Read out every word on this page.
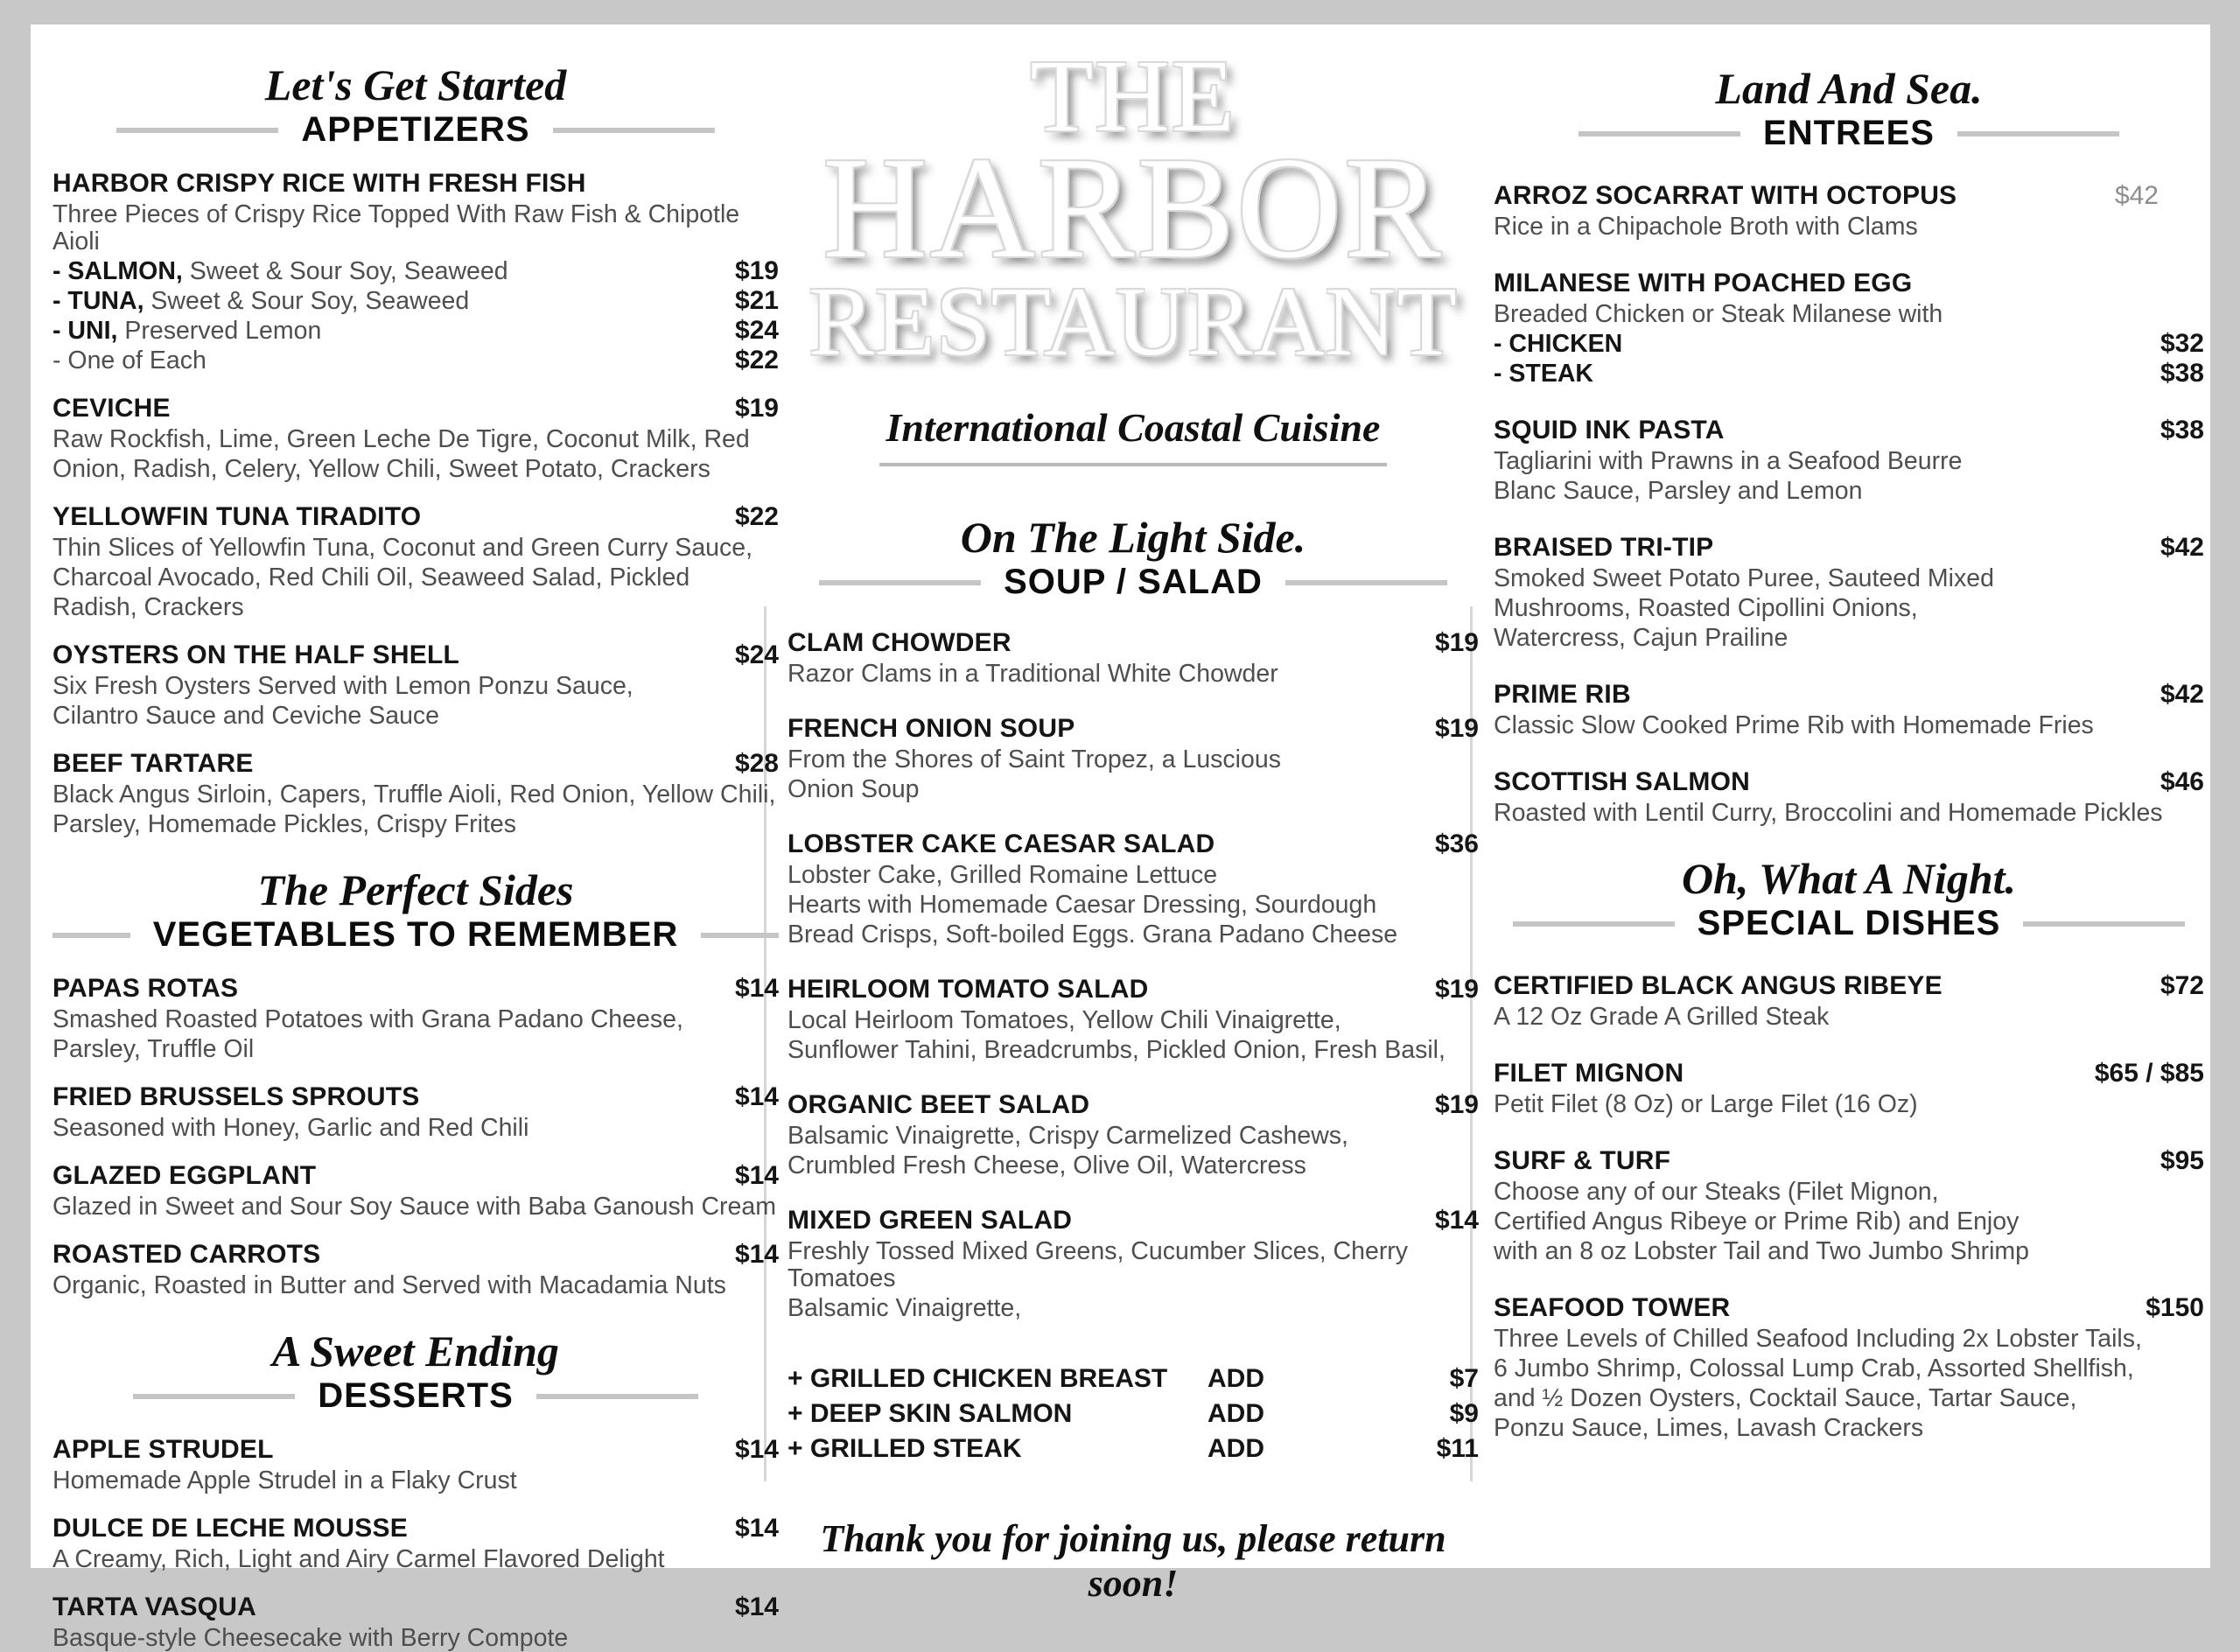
Let's Get Started
APPETIZERS
HARBOR CRISPY RICE WITH FRESH FISH
Three Pieces of Crispy Rice Topped With Raw Fish & Chipotle Aioli
- SALMON, Sweet & Sour Soy, Seaweed	$19
- TUNA, Sweet & Sour Soy, Seaweed	$21
- UNI, Preserved Lemon	$24
- One of Each	$22
CEVICHE	$19
Raw Rockfish, Lime, Green Leche De Tigre, Coconut Milk, Red
Onion, Radish, Celery, Yellow Chili, Sweet Potato, Crackers
YELLOWFIN TUNA TIRADITO	$22
Thin Slices of Yellowfin Tuna, Coconut and Green Curry Sauce,
Charcoal Avocado, Red Chili Oil, Seaweed Salad, Pickled
Radish, Crackers
OYSTERS ON THE HALF SHELL	$24
Six Fresh Oysters Served with Lemon Ponzu Sauce,
Cilantro Sauce and Ceviche Sauce
BEEF TARTARE	$28
Black Angus Sirloin, Capers, Truffle Aioli, Red Onion, Yellow Chili,
Parsley, Homemade Pickles, Crispy Frites
The Perfect Sides
VEGETABLES TO REMEMBER
PAPAS ROTAS	$14
Smashed Roasted Potatoes with Grana Padano Cheese,
Parsley, Truffle Oil
FRIED BRUSSELS SPROUTS	$14
Seasoned with Honey, Garlic and Red Chili
GLAZED EGGPLANT	$14
Glazed in Sweet and Sour Soy Sauce with Baba Ganoush Cream
ROASTED CARROTS	$14
Organic, Roasted in Butter and Served with Macadamia Nuts
A Sweet Ending
DESSERTS
APPLE STRUDEL	$14
Homemade Apple Strudel in a Flaky Crust
DULCE DE LECHE MOUSSE	$14
A Creamy, Rich, Light and Airy Carmel Flavored Delight
TARTA VASQUA	$14
Basque-style Cheesecake with Berry Compote
THE
HARBOR
RESTAURANT
International Coastal Cuisine
On The Light Side.
SOUP / SALAD
CLAM CHOWDER	$19
Razor Clams in a Traditional White Chowder
FRENCH ONION SOUP	$19
From the Shores of Saint Tropez, a Luscious
Onion Soup
LOBSTER CAKE CAESAR SALAD	$36
Lobster Cake, Grilled Romaine Lettuce
Hearts with Homemade Caesar Dressing, Sourdough
Bread Crisps, Soft-boiled Eggs. Grana Padano Cheese
HEIRLOOM TOMATO SALAD	$19
Local Heirloom Tomatoes, Yellow Chili Vinaigrette,
Sunflower Tahini, Breadcrumbs, Pickled Onion, Fresh Basil,
ORGANIC BEET SALAD	$19
Balsamic Vinaigrette, Crispy Carmelized Cashews,
Crumbled Fresh Cheese, Olive Oil, Watercress
MIXED GREEN SALAD	$14
Freshly Tossed Mixed Greens, Cucumber Slices, Cherry Tomatoes
Balsamic Vinaigrette,
+ GRILLED CHICKEN BREAST	ADD	$7
+ DEEP SKIN SALMON	ADD	$9
+ GRILLED STEAK	ADD	$11
Thank you for joining us, please return soon!
Land And Sea.
ENTREES
ARROZ SOCARRAT WITH OCTOPUS	$42
Rice in a Chipachole Broth with Clams
MILANESE WITH POACHED EGG
Breaded Chicken or Steak Milanese with
- CHICKEN	$32
- STEAK	$38
SQUID INK PASTA	$38
Tagliarini with Prawns in a Seafood Beurre
Blanc Sauce, Parsley and Lemon
BRAISED TRI-TIP	$42
Smoked Sweet Potato Puree, Sauteed Mixed
Mushrooms, Roasted Cipollini Onions,
Watercress, Cajun Prailine
PRIME RIB	$42
Classic Slow Cooked Prime Rib with Homemade Fries
SCOTTISH SALMON	$46
Roasted with Lentil Curry, Broccolini and Homemade Pickles
Oh, What A Night.
SPECIAL DISHES
CERTIFIED BLACK ANGUS RIBEYE	$72
A 12 Oz Grade A Grilled Steak
FILET MIGNON	$65 / $85
Petit Filet (8 Oz) or Large Filet (16 Oz)
SURF & TURF	$95
Choose any of our Steaks (Filet Mignon,
Certified Angus Ribeye or Prime Rib) and Enjoy
with an 8 oz Lobster Tail and Two Jumbo Shrimp
SEAFOOD TOWER	$150
Three Levels of Chilled Seafood Including 2x Lobster Tails,
6 Jumbo Shrimp, Colossal Lump Crab, Assorted Shellfish,
and ½ Dozen Oysters, Cocktail Sauce, Tartar Sauce,
Ponzu Sauce, Limes, Lavash Crackers
